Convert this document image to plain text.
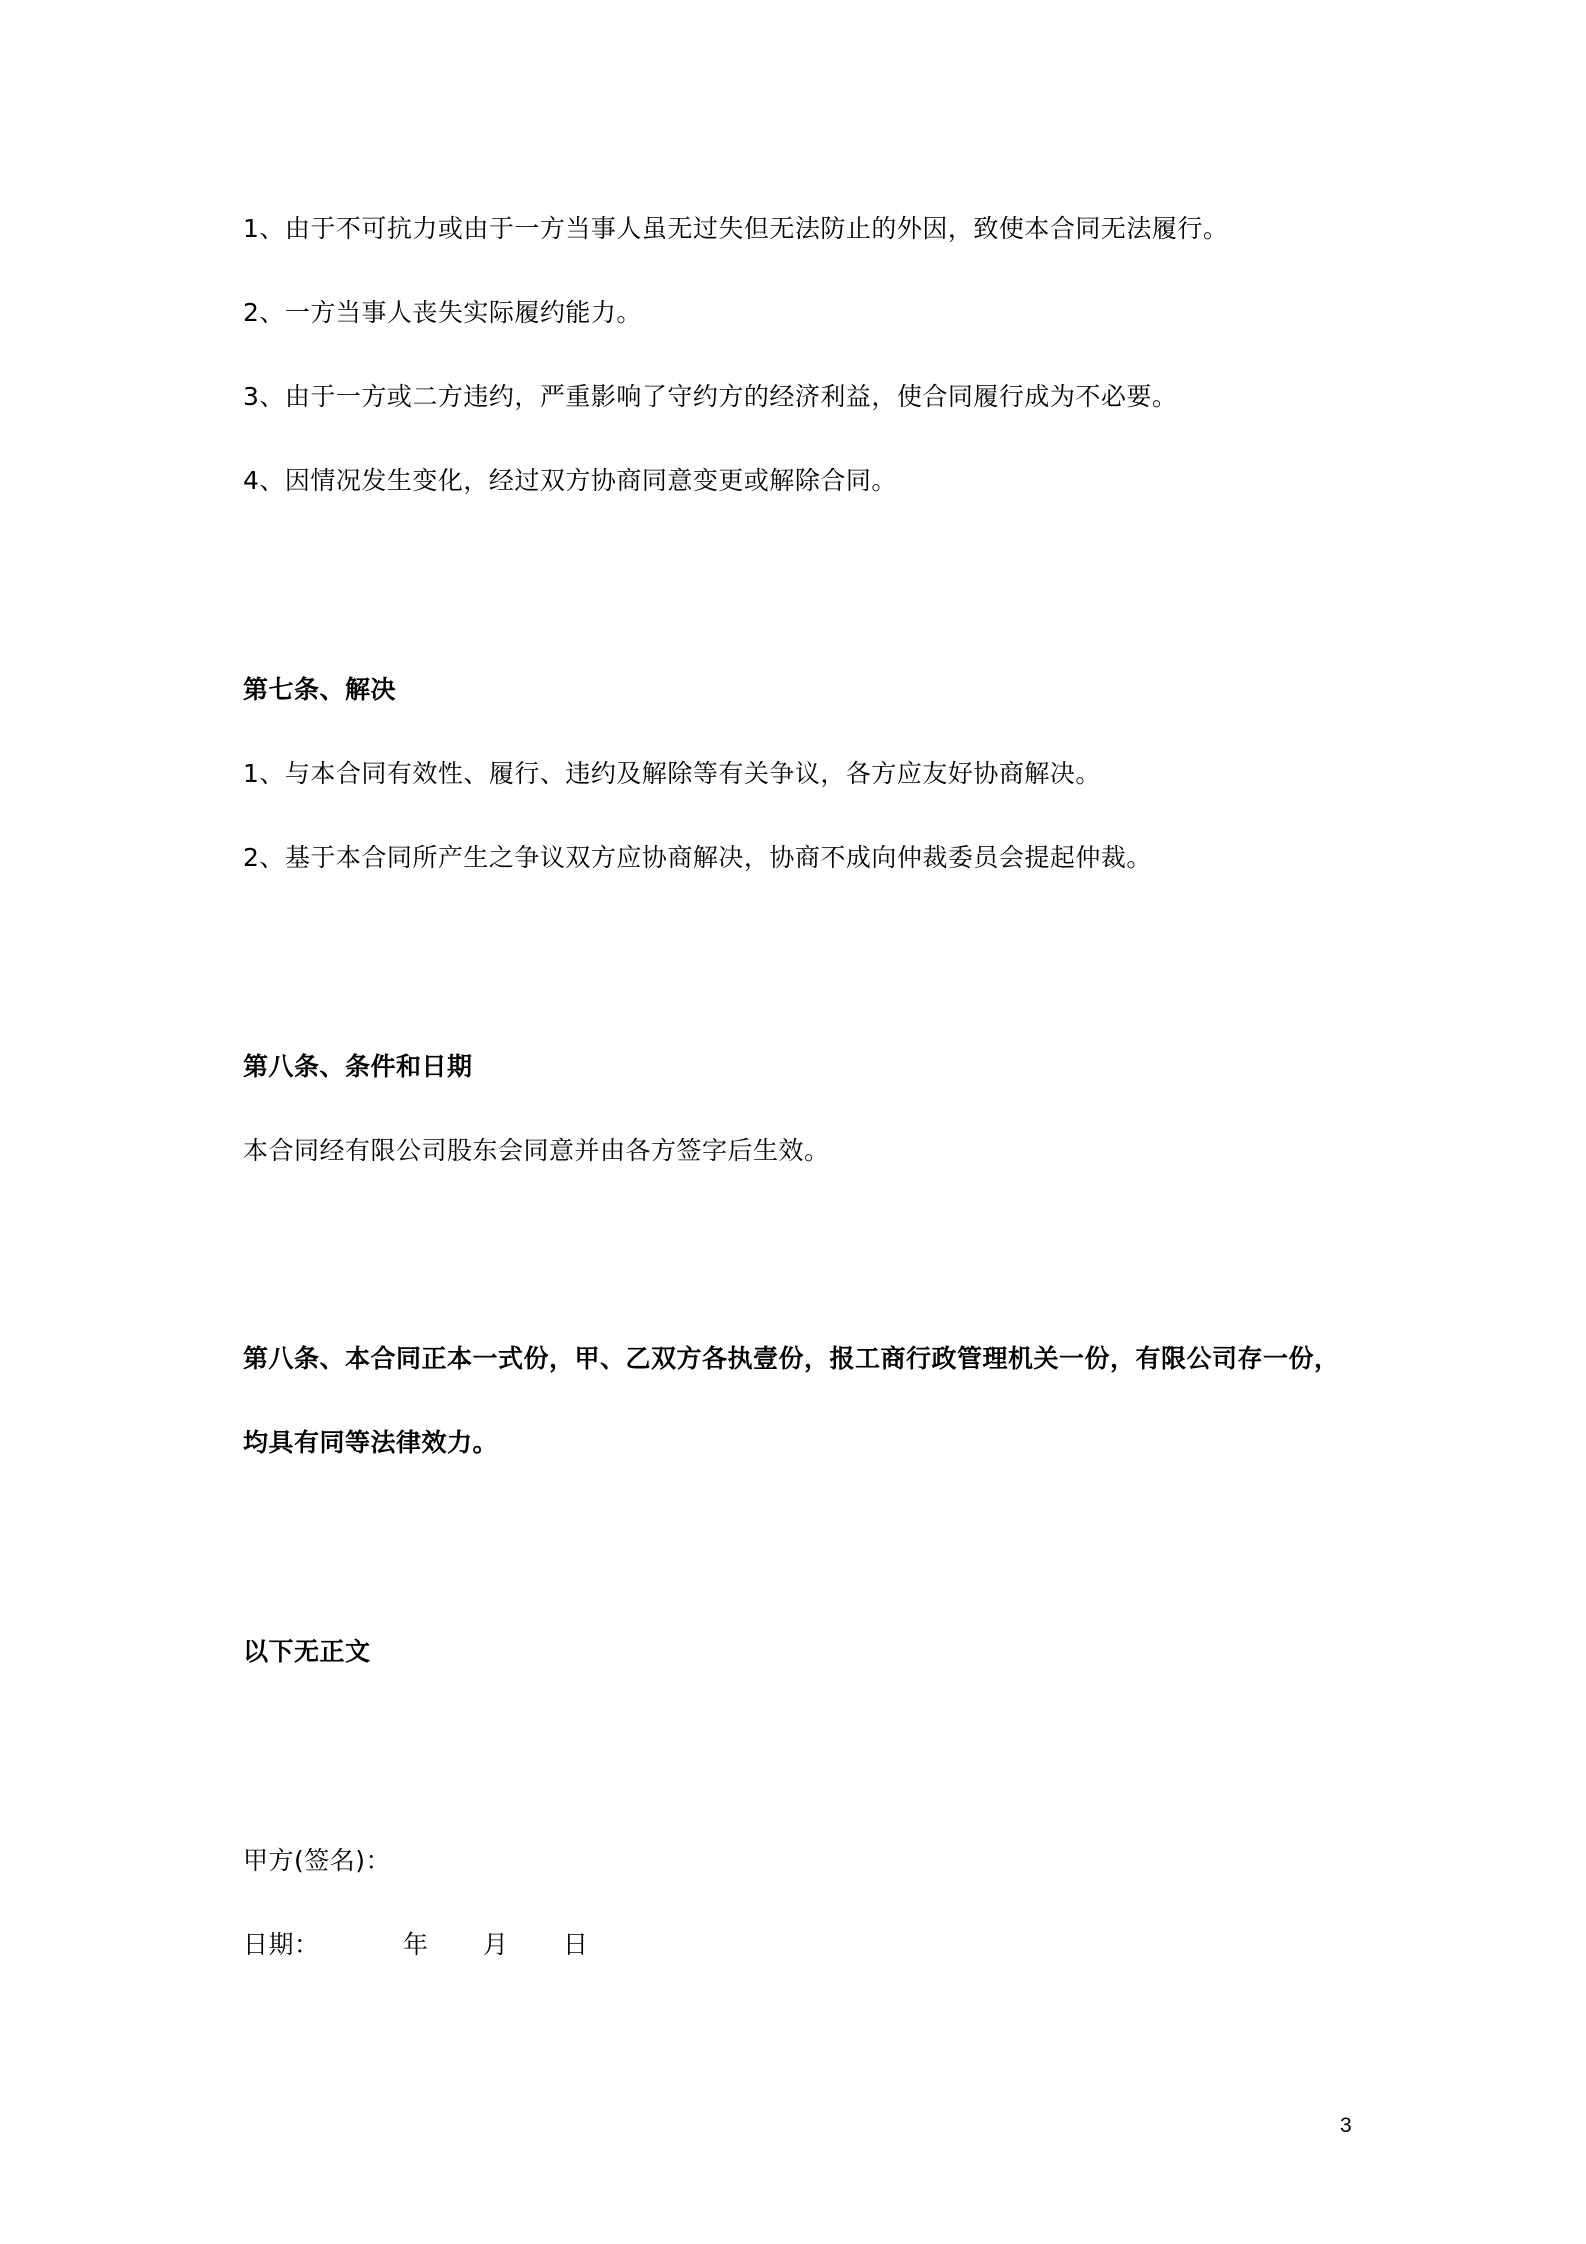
1、由于不可抗力或由于一方当事人虽无过失但无法防止的外因，致使本合同无法履行。
2、一方当事人丧失实际履约能力。
3、由于一方或二方违约，严重影响了守约方的经济利益，使合同履行成为不必要。
4、因情况发生变化，经过双方协商同意变更或解除合同。
第七条、解决
1、与本合同有效性、履行、违约及解除等有关争议，各方应友好协商解决。
2、基于本合同所产生之争议双方应协商解决，协商不成向仲裁委员会提起仲裁。
第八条、条件和日期
本合同经有限公司股东会同意并由各方签字后生效。
第八条、本合同正本一式份，甲、乙双方各执壹份，报工商行政管理机关一份，有限公司存一份，
均具有同等法律效力。
以下无正文
甲方(签名)：
日期：	年 月 日
3
